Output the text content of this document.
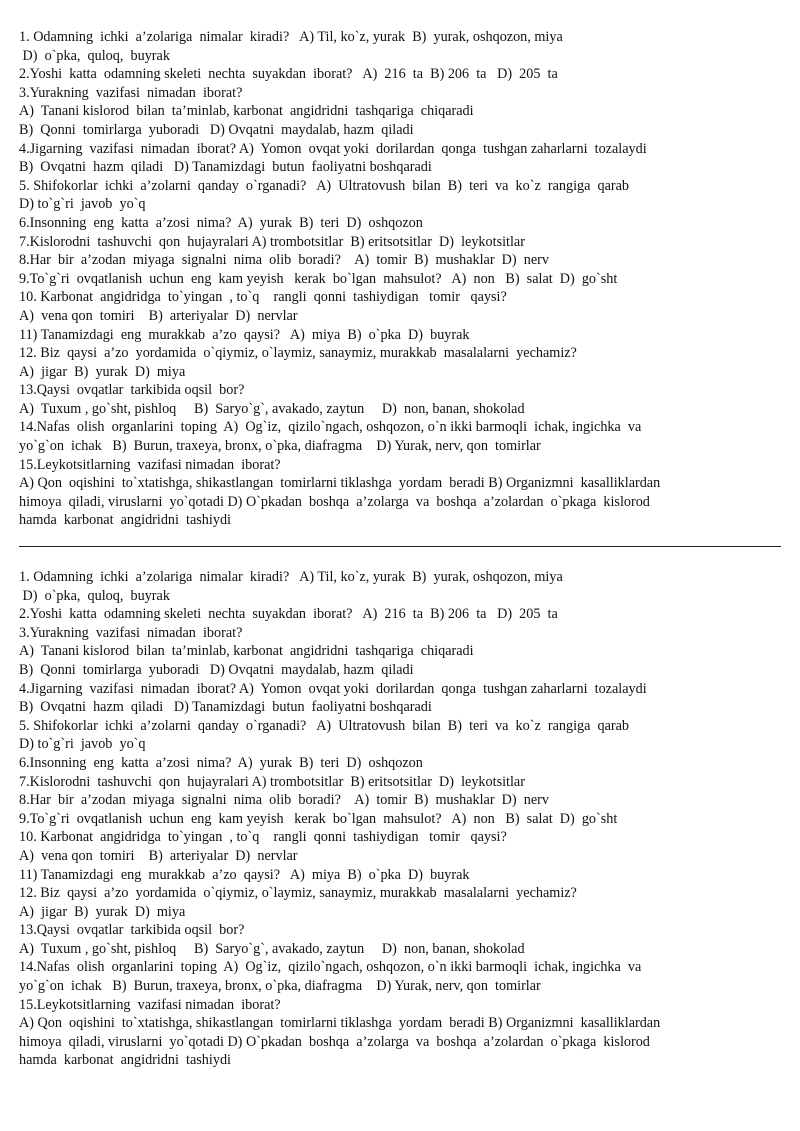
1. Odamning  ichki  a’zolariga  nimalar  kiradi?   A) Til, ko`z, yurak  B)  yurak, oshqozon, miya
D)  o`pka,  quloq,  buyrak
2.Yoshi  katta  odamning skeleti  nechta  suyakdan  iborat?   A)  216  ta  B) 206  ta   D)  205  ta
3.Yurakning  vazifasi  nimadan  iborat?
A)  Tanani kislorod  bilan  ta’minlab, karbonat  angidridni  tashqariga  chiqaradi
B)  Qonni  tomirlarga  yuboradi   D) Ovqatni  maydalab, hazm  qiladi
4.Jigarning  vazifasi  nimadan  iborat? A)  Yomon  ovqat yoki  dorilardan  qonga  tushgan zaharlarni  tozalaydi
B)  Ovqatni  hazm  qiladi   D) Tanamizdagi  butun  faoliyatni boshqaradi
5. Shifokorlar  ichki  a’zolarni  qanday  o`rganadi?   A)  Ultratovush  bilan  B)  teri  va  ko`z  rangiga  qarab
D) to`g`ri  javob  yo`q
6.Insonning  eng  katta  a’zosi  nima?  A)  yurak  B)  teri  D)  oshqozon
7.Kislorodni  tashuvchi  qon  hujayralari A) trombotsitlar  B) eritsotsitlar  D)  leykotsitlar
8.Har  bir  a’zodan  miyaga  signalni  nima  olib  boradi?    A)  tomir  B)  mushaklar  D)  nerv
9.To`g`ri  ovqatlanish  uchun  eng  kam yeyish   kerak  bo`lgan  mahsulot?   A)  non   B)  salat  D)  go`sht
10. Karbonat  angidridga  to`yingan  , to`q    rangli  qonni  tashiydigan   tomir   qaysi?
A)  vena qon  tomiri    B)  arteriyalar  D)  nervlar
11) Tanamizdagi  eng  murakkab  a’zo  qaysi?   A)  miya  B)  o`pka  D)  buyrak
12. Biz  qaysi  a’zo  yordamida  o`qiymiz, o`laymiz, sanaymiz, murakkab  masalalarni  yechamiz?
A)  jigar  B)  yurak  D)  miya
13.Qaysi  ovqatlar  tarkibida oqsil  bor?
A)  Tuxum , go`sht, pishloq     B)  Saryo`g`, avakado, zaytun     D)  non, banan, shokolad
14.Nafas  olish  organlarini  toping  A)  Og`iz,  qizilo`ngach, oshqozon, o`n ikki barmoqli  ichak, ingichka  va
yo`g`on  ichak   B)  Burun, traxeya, bronx, o`pka, diafragma    D) Yurak, nerv, qon  tomirlar
15.Leykotsitlarning  vazifasi nimadan  iborat?
A) Qon  oqishini  to`xtatishga, shikastlangan  tomirlarni tiklashga  yordam  beradi B) Organizmni  kasalliklardan
himoya  qiladi, viruslarni  yo`qotadi D) O`pkadan  boshqa  a’zolarga  va  boshqa  a’zolardan  o`pkaga  kislorod
hamda  karbonat  angidridni  tashiydi
1. Odamning  ichki  a’zolariga  nimalar  kiradi?   A) Til, ko`z, yurak  B)  yurak, oshqozon, miya
D)  o`pka,  quloq,  buyrak
2.Yoshi  katta  odamning skeleti  nechta  suyakdan  iborat?   A)  216  ta  B) 206  ta   D)  205  ta
3.Yurakning  vazifasi  nimadan  iborat?
A)  Tanani kislorod  bilan  ta’minlab, karbonat  angidridni  tashqariga  chiqaradi
B)  Qonni  tomirlarga  yuboradi   D) Ovqatni  maydalab, hazm  qiladi
4.Jigarning  vazifasi  nimadan  iborat? A)  Yomon  ovqat yoki  dorilardan  qonga  tushgan zaharlarni  tozalaydi
B)  Ovqatni  hazm  qiladi   D) Tanamizdagi  butun  faoliyatni boshqaradi
5. Shifokorlar  ichki  a’zolarni  qanday  o`rganadi?   A)  Ultratovush  bilan  B)  teri  va  ko`z  rangiga  qarab
D) to`g`ri  javob  yo`q
6.Insonning  eng  katta  a’zosi  nima?  A)  yurak  B)  teri  D)  oshqozon
7.Kislorodni  tashuvchi  qon  hujayralari A) trombotsitlar  B) eritsotsitlar  D)  leykotsitlar
8.Har  bir  a’zodan  miyaga  signalni  nima  olib  boradi?    A)  tomir  B)  mushaklar  D)  nerv
9.To`g`ri  ovqatlanish  uchun  eng  kam yeyish   kerak  bo`lgan  mahsulot?   A)  non   B)  salat  D)  go`sht
10. Karbonat  angidridga  to`yingan  , to`q    rangli  qonni  tashiydigan   tomir   qaysi?
A)  vena qon  tomiri    B)  arteriyalar  D)  nervlar
11) Tanamizdagi  eng  murakkab  a’zo  qaysi?   A)  miya  B)  o`pka  D)  buyrak
12. Biz  qaysi  a’zo  yordamida  o`qiymiz, o`laymiz, sanaymiz, murakkab  masalalarni  yechamiz?
A)  jigar  B)  yurak  D)  miya
13.Qaysi  ovqatlar  tarkibida oqsil  bor?
A)  Tuxum , go`sht, pishloq     B)  Saryo`g`, avakado, zaytun     D)  non, banan, shokolad
14.Nafas  olish  organlarini  toping  A)  Og`iz,  qizilo`ngach, oshqozon, o`n ikki barmoqli  ichak, ingichka  va
yo`g`on  ichak   B)  Burun, traxeya, bronx, o`pka, diafragma    D) Yurak, nerv, qon  tomirlar
15.Leykotsitlarning  vazifasi nimadan  iborat?
A) Qon  oqishini  to`xtatishga, shikastlangan  tomirlarni tiklashga  yordam  beradi B) Organizmni  kasalliklardan
himoya  qiladi, viruslarni  yo`qotadi D) O`pkadan  boshqa  a’zolarga  va  boshqa  a’zolardan  o`pkaga  kislorod
hamda  karbonat  angidridni  tashiydi
